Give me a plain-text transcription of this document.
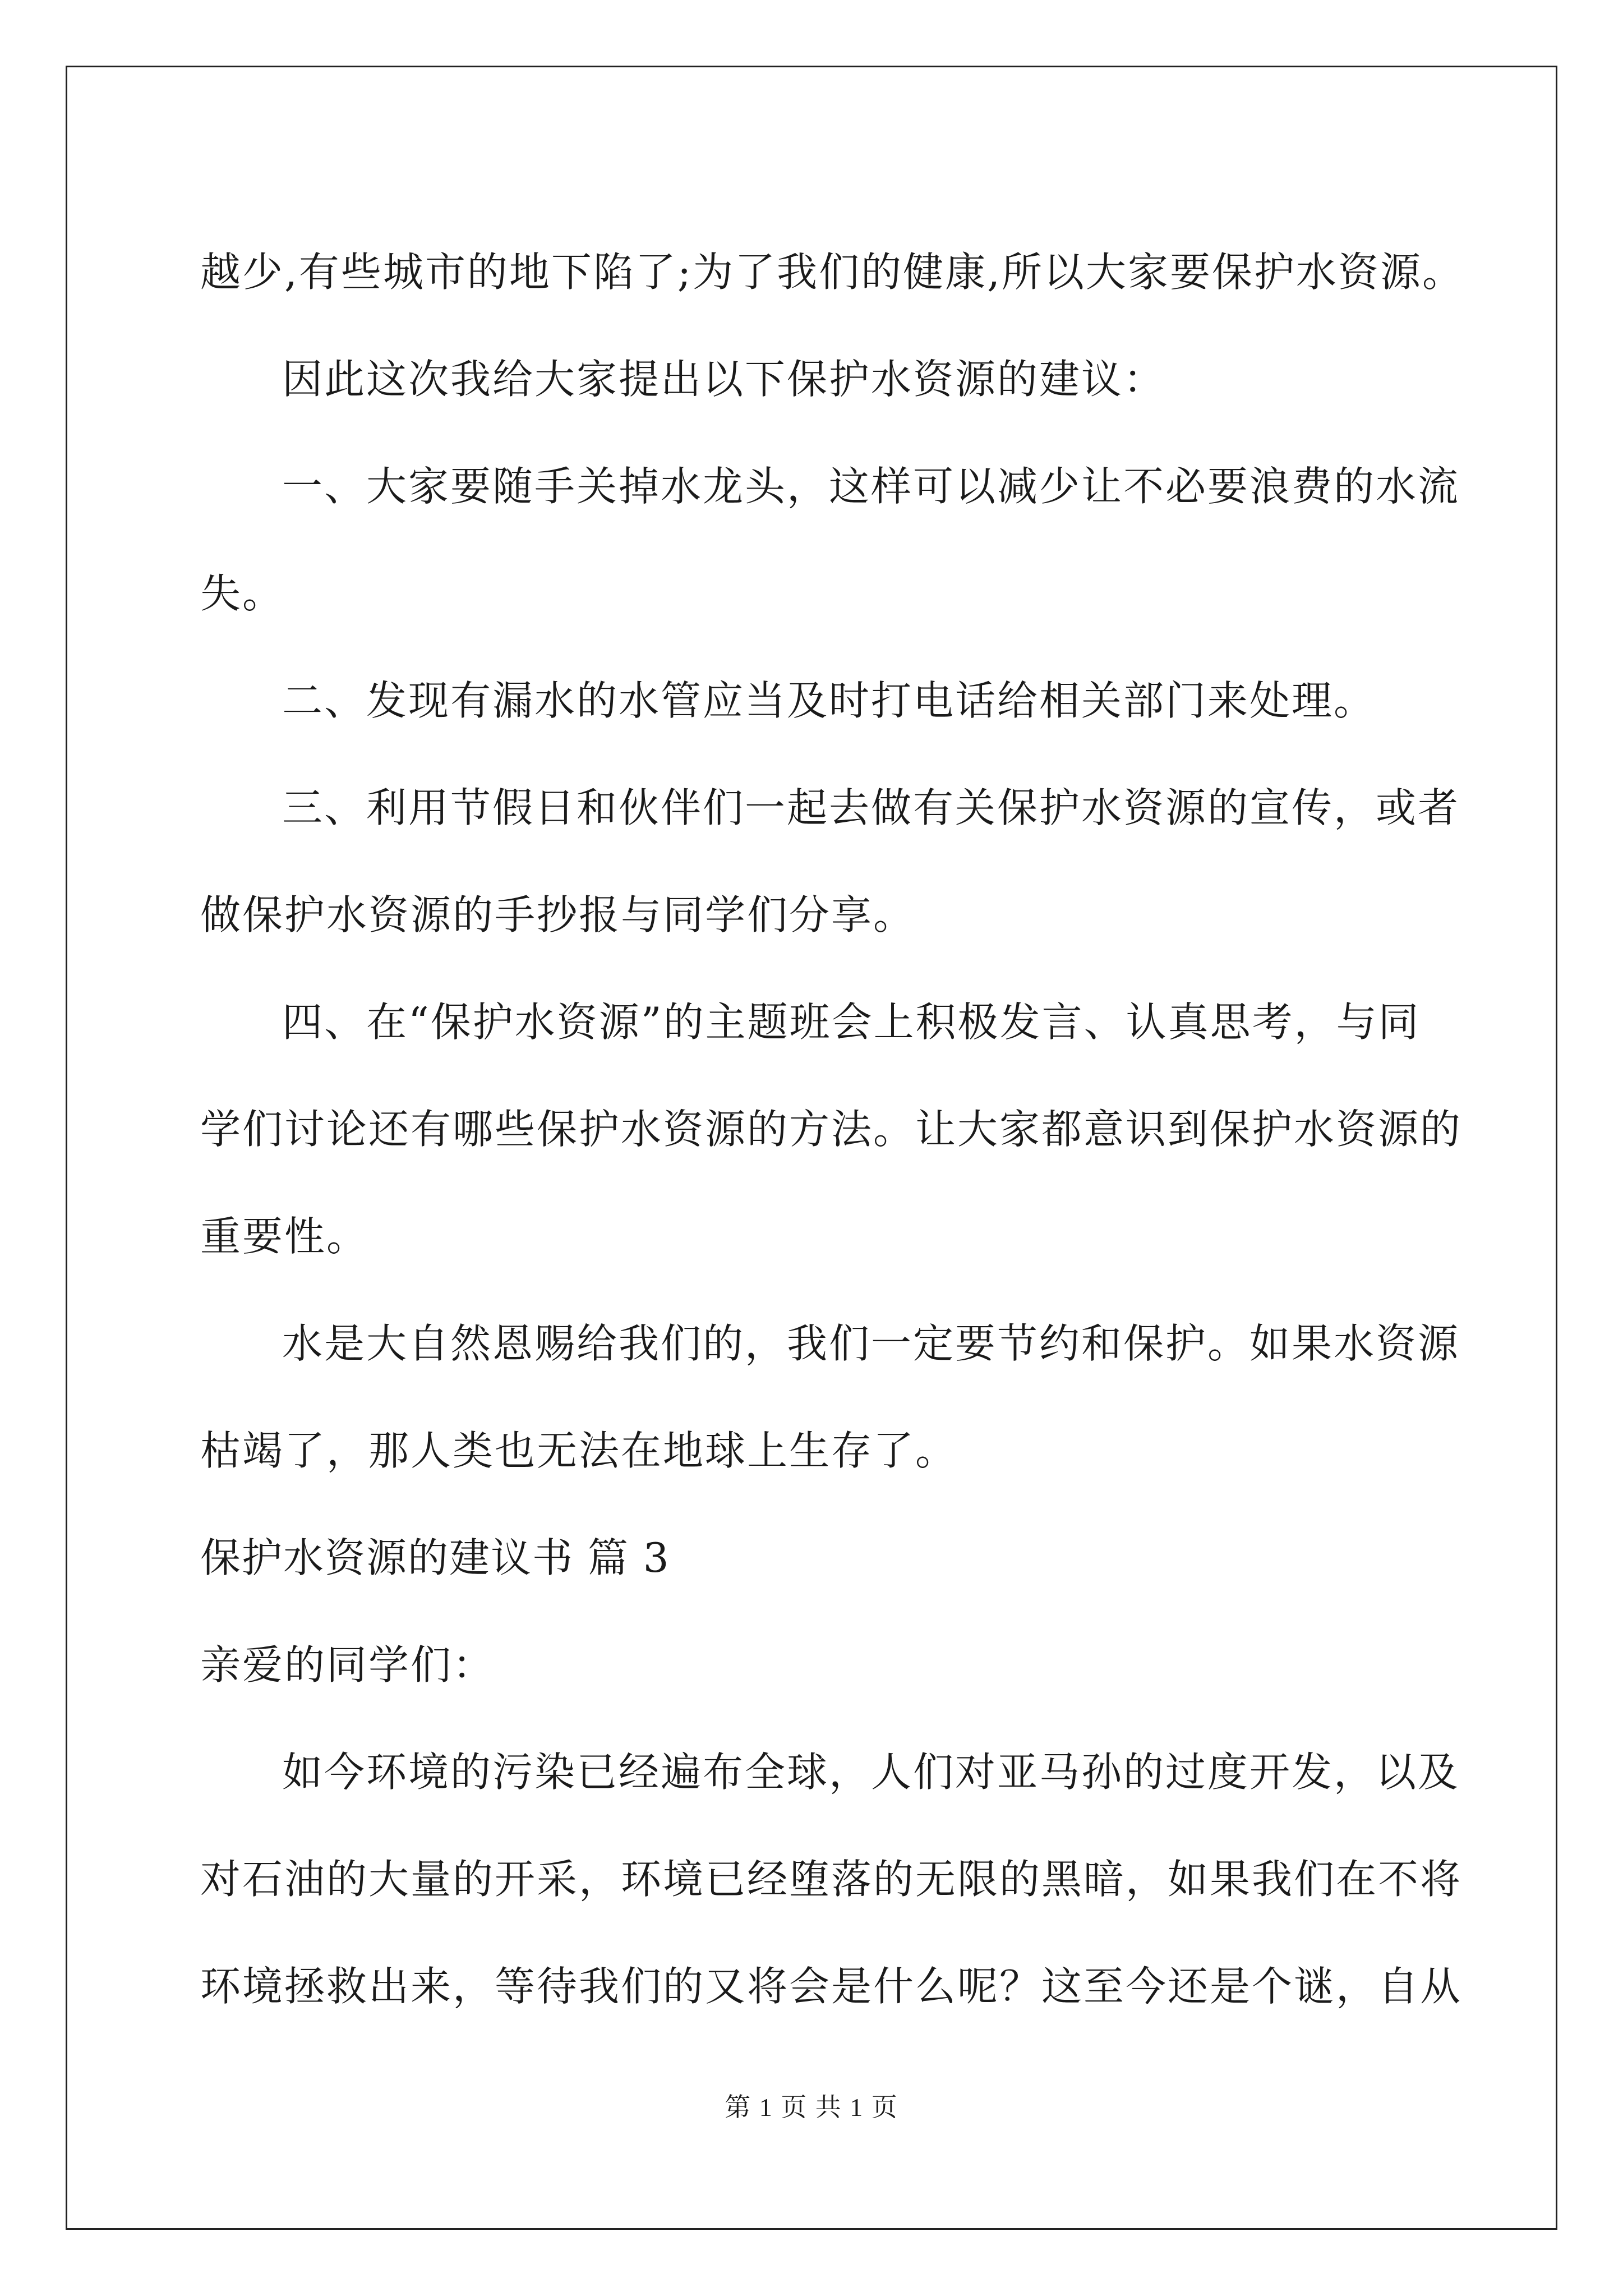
越少,有些城市的地下陷了;为了我们的健康,所以大家要保护水资源。
因此这次我给大家提出以下保护水资源的建议：
一、大家要随手关掉水龙头，这样可以减少让不必要浪费的水流
失。
二、发现有漏水的水管应当及时打电话给相关部门来处理。
三、利用节假日和伙伴们一起去做有关保护水资源的宣传，或者
做保护水资源的手抄报与同学们分享。
四、在“保护水资源”的主题班会上积极发言、认真思考，与同
学们讨论还有哪些保护水资源的方法。让大家都意识到保护水资源的
重要性。
水是大自然恩赐给我们的，我们一定要节约和保护。如果水资源
枯竭了，那人类也无法在地球上生存了。
保护水资源的建议书 篇 3
亲爱的同学们：
如今环境的污染已经遍布全球，人们对亚马孙的过度开发，以及
对石油的大量的开采，环境已经堕落的无限的黑暗，如果我们在不将
环境拯救出来，等待我们的又将会是什么呢？这至今还是个谜，自从
第 1 页 共 1 页
